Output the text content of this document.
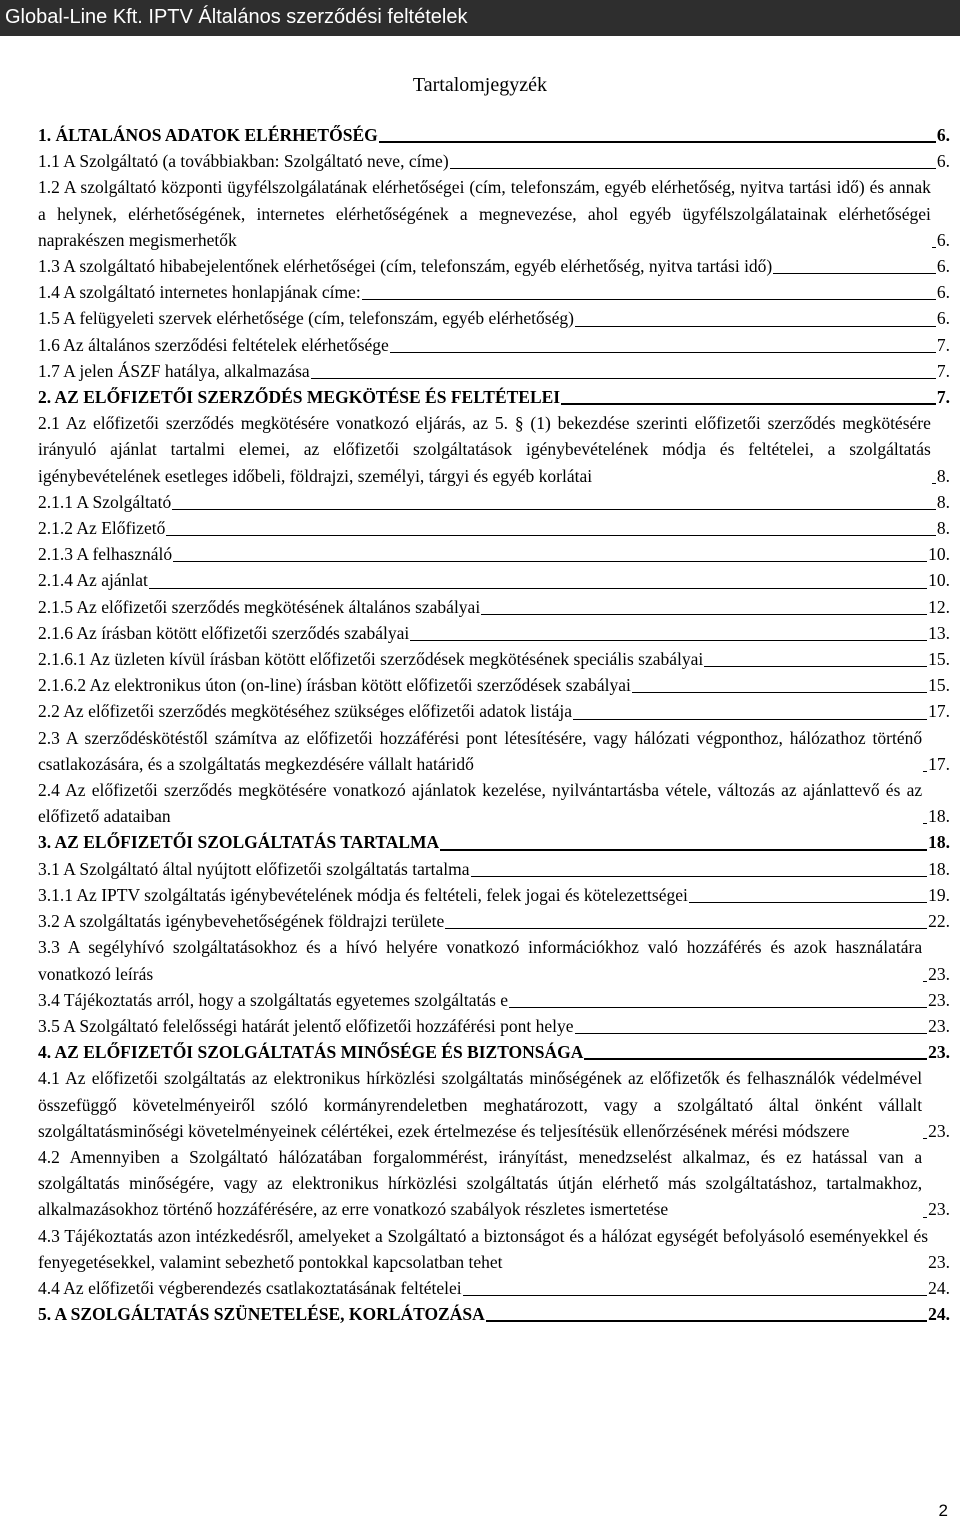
Global-Line Kft. IPTV Általános szerződési feltételek
Tartalomjegyzék
1. ÁLTALÁNOS ADATOK ELÉRHETŐSÉG	6.
1.1 A Szolgáltató (a továbbiakban: Szolgáltató neve, címe)	6.
1.2 A szolgáltató központi ügyfélszolgálatának elérhetőségei (cím, telefonszám, egyéb elérhetőség, nyitva tartási idő) és annak a helynek, elérhetőségének, internetes elérhetőségének a megnevezése, ahol egyéb ügyfélszolgálatainak elérhetőségei naprakészen megismerhetők	6.
1.3 A szolgáltató hibabejelentőnek elérhetőségei (cím, telefonszám, egyéb elérhetőség, nyitva tartási idő)	6.
1.4 A szolgáltató internetes honlapjának címe:	6.
1.5 A felügyeleti szervek elérhetősége (cím, telefonszám, egyéb elérhetőség)	6.
1.6 Az általános szerződési feltételek elérhetősége	7.
1.7 A jelen ÁSZF hatálya, alkalmazása	7.
2. AZ ELŐFIZETŐI SZERZŐDÉS MEGKÖTÉSE ÉS FELTÉTELEI	7.
2.1 Az előfizetői szerződés megkötésére vonatkozó eljárás, az 5. § (1) bekezdése szerinti előfizetői szerződés megkötésére irányuló ajánlat tartalmi elemei, az előfizetői szolgáltatások igénybevételének módja és feltételei, a szolgáltatás igénybevételének esetleges időbeli, földrajzi, személyi, tárgyi és egyéb korlátai	8.
2.1.1 A Szolgáltató	8.
2.1.2 Az Előfizető	8.
2.1.3 A felhasználó	10.
2.1.4 Az ajánlat	10.
2.1.5 Az előfizetői szerződés megkötésének általános szabályai	12.
2.1.6 Az írásban kötött előfizetői szerződés szabályai	13.
2.1.6.1 Az üzleten kívül írásban kötött előfizetői szerződések megkötésének speciális szabályai	15.
2.1.6.2 Az elektronikus úton (on-line) írásban kötött előfizetői szerződések szabályai	15.
2.2 Az előfizetői szerződés megkötéséhez szükséges előfizetői adatok listája	17.
2.3 A szerződéskötéstől számítva az előfizetői hozzáférési pont létesítésére, vagy hálózati végponthoz, hálózathoz történő csatlakozására, és a szolgáltatás megkezdésére vállalt határidő	17.
2.4 Az előfizetői szerződés megkötésére vonatkozó ajánlatok kezelése, nyilvántartásba vétele, változás az ajánlattevő és az előfizető adataiban	18.
3. AZ ELŐFIZETŐI SZOLGÁLTATÁS TARTALMA	18.
3.1 A Szolgáltató által nyújtott előfizetői szolgáltatás tartalma	18.
3.1.1 Az IPTV szolgáltatás igénybevételének módja és feltételi, felek jogai és kötelezettségei	19.
3.2 A szolgáltatás igénybevehetőségének földrajzi területe	22.
3.3 A segélyhívó szolgáltatásokhoz és a hívó helyére vonatkozó információkhoz való hozzáférés és azok használatára vonatkozó leírás	23.
3.4 Tájékoztatás arról, hogy a szolgáltatás egyetemes szolgáltatás e	23.
3.5 A Szolgáltató felelősségi határát jelentő előfizetői hozzáférési pont helye	23.
4. AZ ELŐFIZETŐI SZOLGÁLTATÁS MINŐSÉGE ÉS BIZTONSÁGA	23.
4.1 Az előfizetői szolgáltatás az elektronikus hírközlési szolgáltatás minőségének az előfizetők és felhasználók védelmével összefüggő követelményeiről szóló kormányrendeletben meghatározott, vagy a szolgáltató által önként vállalt szolgáltatásminőségi követelményeinek célértékei, ezek értelmezése és teljesítésük ellenőrzésének mérési módszere	23.
4.2 Amennyiben a Szolgáltató hálózatában forgalommérést, irányítást, menedzselést alkalmaz, és ez hatással van a szolgáltatás minőségére, vagy az elektronikus hírközlési szolgáltatás útján elérhető más szolgáltatáshoz, tartalmakhoz, alkalmazásokhoz történő hozzáférésére, az erre vonatkozó szabályok részletes ismertetése	23.
4.3 Tájékoztatás azon intézkedésről, amelyeket a Szolgáltató a biztonságot és a hálózat egységét befolyásoló eseményekkel és fenyegetésekkel, valamint sebezhető pontokkal kapcsolatban tehet	23.
4.4 Az előfizetői végberendezés csatlakoztatásának feltételei	24.
5. A SZOLGÁLTATÁS SZÜNETELÉSE, KORLÁTOZÁSA	24.
2
